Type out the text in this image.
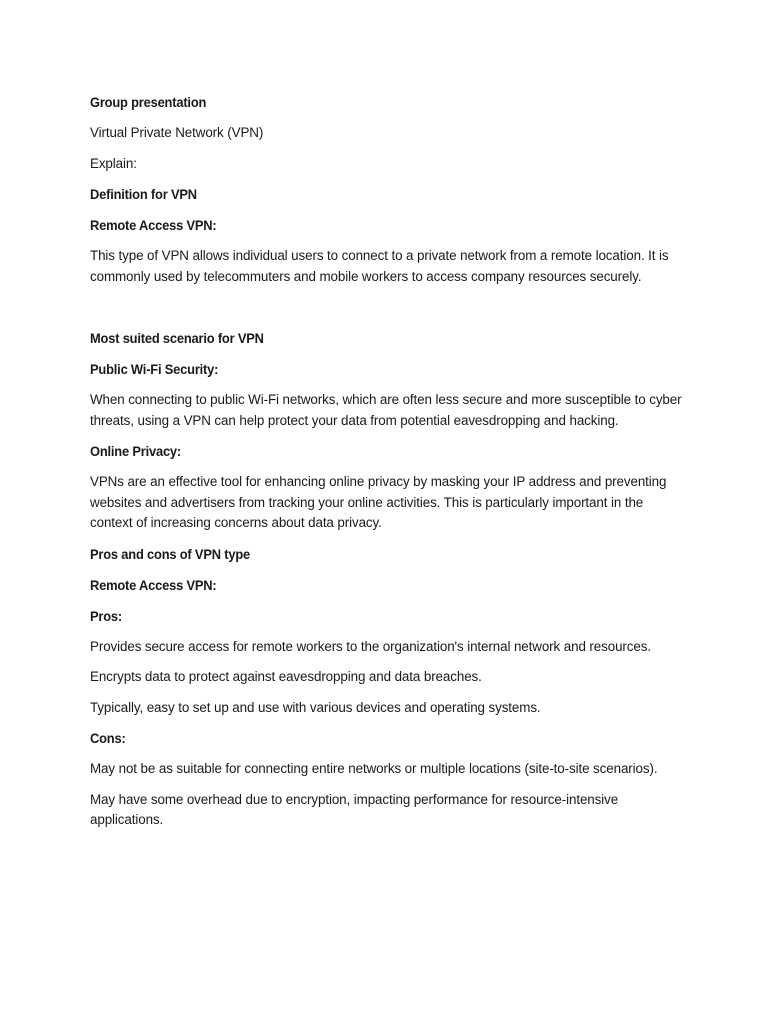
Group presentation
Virtual Private Network (VPN)
Explain:
Definition for VPN
Remote Access VPN:
This type of VPN allows individual users to connect to a private network from a remote location. It is commonly used by telecommuters and mobile workers to access company resources securely.
Most suited scenario for VPN
Public Wi-Fi Security:
When connecting to public Wi-Fi networks, which are often less secure and more susceptible to cyber threats, using a VPN can help protect your data from potential eavesdropping and hacking.
Online Privacy:
VPNs are an effective tool for enhancing online privacy by masking your IP address and preventing websites and advertisers from tracking your online activities. This is particularly important in the context of increasing concerns about data privacy.
Pros and cons of VPN type
Remote Access VPN:
Pros:
Provides secure access for remote workers to the organization's internal network and resources.
Encrypts data to protect against eavesdropping and data breaches.
Typically, easy to set up and use with various devices and operating systems.
Cons:
May not be as suitable for connecting entire networks or multiple locations (site-to-site scenarios).
May have some overhead due to encryption, impacting performance for resource-intensive applications.
